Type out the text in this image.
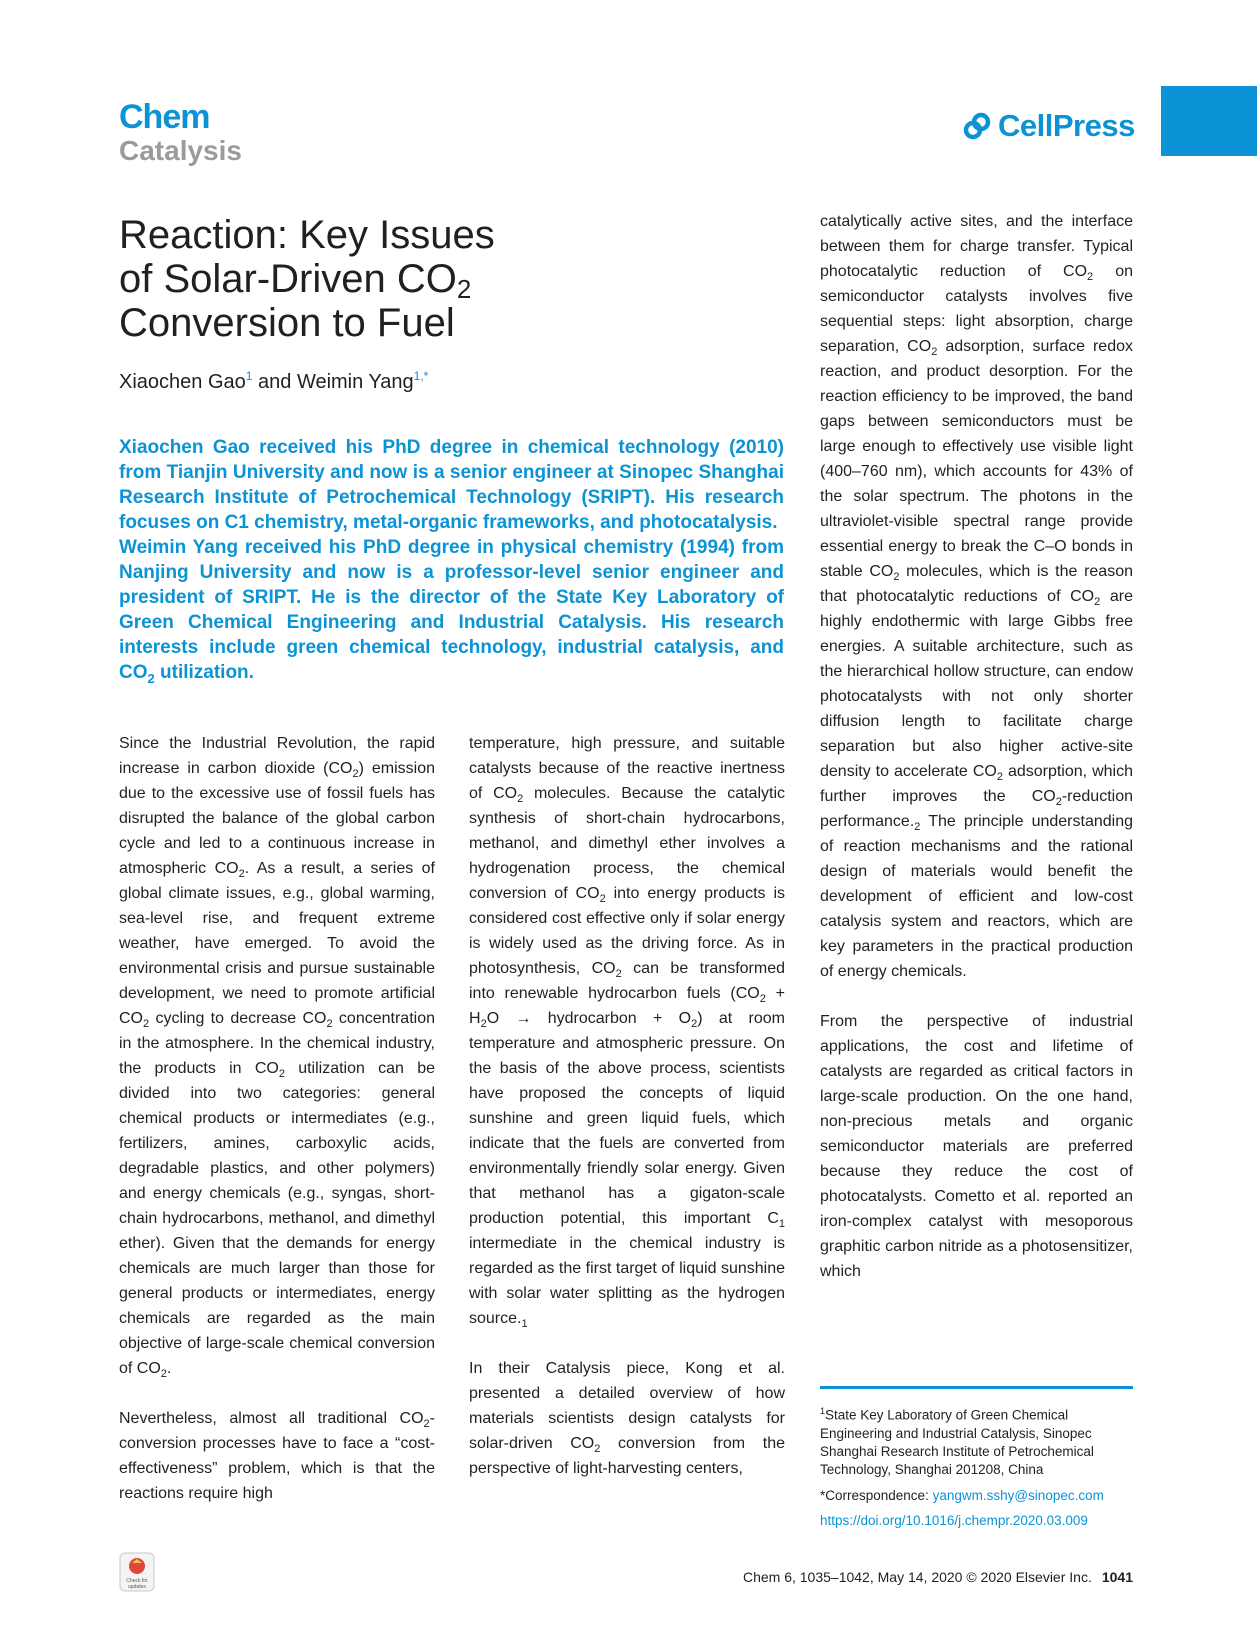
Chem
Catalysis
CellPress
Reaction: Key Issues
of Solar-Driven $CO_2$
Conversion to Fuel
Xiaochen Gao$^1$ and Weimin Yang$^{1,*}$

Xiaochen Gao received his PhD degree in chemical technology (2010) from Tianjin University and now is a senior engineer at Sinopec Shanghai Research Institute of Petrochemical Technology (SRIPT). His research focuses on C1 chemistry, metal-organic frameworks, and photocatalysis.

Weimin Yang received his PhD degree in physical chemistry (1994) from Nanjing University and now is a professor-level senior engineer and president of SRIPT. He is the director of the State Key Laboratory of Green Chemical Engineering and Industrial Catalysis. His research interests include green chemical technology, industrial catalysis, and $CO_2$ utilization.

Since the Industrial Revolution, the rapid increase in carbon dioxide $(CO_2)$ emission due to the excessive use of fossil fuels has disrupted the balance of the global carbon cycle and led to a continuous increase in atmospheric $CO_2$. As a result, a series of global climate issues, e.g., global warming, sea-level rise, and frequent extreme weather, have emerged. To avoid the environmental crisis and pursue sustainable development, we need to promote artificial $CO_2$ cycling to decrease $CO_2$ concentration in the atmosphere. In the chemical industry, the products in $CO_2$ utilization can be divided into two categories: general chemical products or intermediates (e.g., fertilizers, amines, carboxylic acids, degradable plastics, and other polymers) and energy chemicals (e.g., syngas, short-chain hydrocarbons, methanol, and dimethyl ether). Given that the demands for energy chemicals are much larger than those for general products or intermediates, energy chemicals are regarded as the main objective of large-scale chemical conversion of $CO_2$.

Nevertheless, almost all traditional $CO_2$-conversion processes have to face a “cost-effectiveness” problem, which is that the reactions require high

temperature, high pressure, and suitable catalysts because of the reactive inertness of $CO_2$ molecules. Because the catalytic synthesis of short-chain hydrocarbons, methanol, and dimethyl ether involves a hydrogenation process, the chemical conversion of $CO_2$ into energy products is considered cost effective only if solar energy is widely used as the driving force. As in photosynthesis, $CO_2$ can be transformed into renewable hydrocarbon fuels ($CO_2 + H_2O$ → hydrocarbon + $O_2$) at room temperature and atmospheric pressure. On the basis of the above process, scientists have proposed the concepts of liquid sunshine and green liquid fuels, which indicate that the fuels are converted from environmentally friendly solar energy. Given that methanol has a gigaton-scale production potential, this important $C_1$ intermediate in the chemical industry is regarded as the first target of liquid sunshine with solar water splitting as the hydrogen $source._1$

In their Catalysis piece, Kong et al. presented a detailed overview of how materials scientists design catalysts for solar-driven $CO_2$ conversion from the perspective of light-harvesting centers,

catalytically active sites, and the interface between them for charge transfer. Typical photocatalytic reduction of $CO_2$ on semiconductor catalysts involves five sequential steps: light absorption, charge separation, $CO_2$ adsorption, surface redox reaction, and product desorption. For the reaction efficiency to be improved, the band gaps between semiconductors must be large enough to effectively use visible light (400–760 nm), which accounts for 43% of the solar spectrum. The photons in the ultraviolet-visible spectral range provide essential energy to break the C–O bonds in stable $CO_2$ molecules, which is the reason that photocatalytic reductions of $CO_2$ are highly endothermic with large Gibbs free energies. A suitable architecture, such as the hierarchical hollow structure, can endow photocatalysts with not only shorter diffusion length to facilitate charge separation but also higher active-site density to accelerate $CO_2$ adsorption, which further improves the $CO_2$-reduction $performance._2$ The principle understanding of reaction mechanisms and the rational design of materials would benefit the development of efficient and low-cost catalysis system and reactors, which are key parameters in the practical production of energy chemicals.

From the perspective of industrial applications, the cost and lifetime of catalysts are regarded as critical factors in large-scale production. On the one hand, non-precious metals and organic semiconductor materials are preferred because they reduce the cost of photocatalysts. Cometto et al. reported an iron-complex catalyst with mesoporous graphitic carbon nitride as a photosensitizer, which

$^1$State Key Laboratory of Green Chemical Engineering and Industrial Catalysis, Sinopec Shanghai Research Institute of Petrochemical Technology, Shanghai 201208, China
*Correspondence: yangwm.sshy@sinopec.com
https://doi.org/10.1016/j.chempr.2020.03.009
Check for
updates
Chem 6, 1035–1042, May 14, 2020 © 2020 Elsevier Inc. 1041
